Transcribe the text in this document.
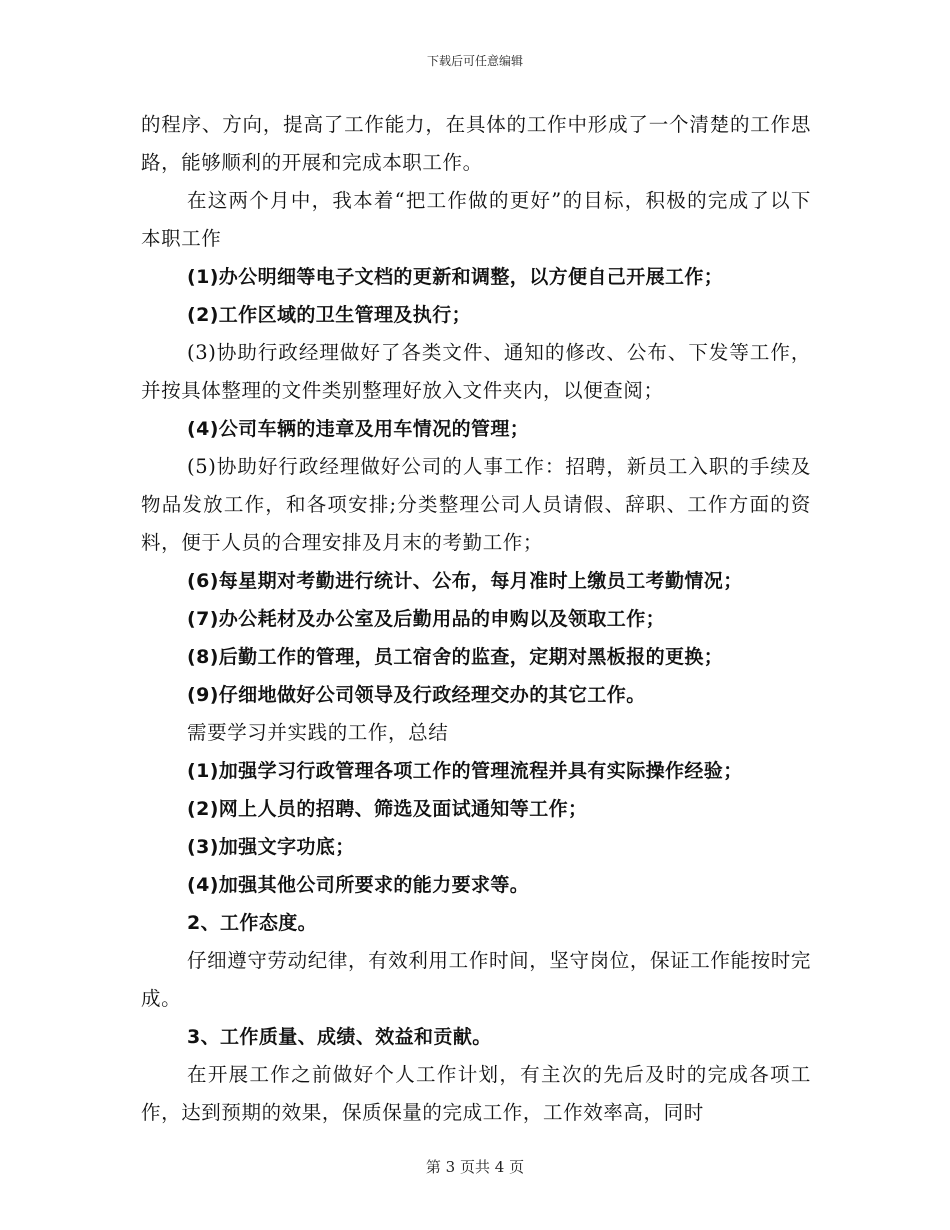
下载后可任意编辑

的程序、方向，提高了工作能力，在具体的工作中形成了一个清楚的工作思路，能够顺利的开展和完成本职工作。

在这两个月中，我本着“把工作做的更好”的目标，积极的完成了以下本职工作

(1)办公明细等电子文档的更新和调整，以方便自己开展工作；

(2)工作区域的卫生管理及执行；

(3)协助行政经理做好了各类文件、通知的修改、公布、下发等工作，并按具体整理的文件类别整理好放入文件夹内，以便查阅；

(4)公司车辆的违章及用车情况的管理；

(5)协助好行政经理做好公司的人事工作：招聘，新员工入职的手续及物品发放工作，和各项安排;分类整理公司人员请假、辞职、工作方面的资料，便于人员的合理安排及月末的考勤工作；

(6)每星期对考勤进行统计、公布，每月准时上缴员工考勤情况；

(7)办公耗材及办公室及后勤用品的申购以及领取工作；

(8)后勤工作的管理，员工宿舍的监查，定期对黑板报的更换；

(9)仔细地做好公司领导及行政经理交办的其它工作。

需要学习并实践的工作，总结

(1)加强学习行政管理各项工作的管理流程并具有实际操作经验；

(2)网上人员的招聘、筛选及面试通知等工作；

(3)加强文字功底；

(4)加强其他公司所要求的能力要求等。

2、工作态度。

仔细遵守劳动纪律，有效利用工作时间，坚守岗位，保证工作能按时完成。

3、工作质量、成绩、效益和贡献。

在开展工作之前做好个人工作计划，有主次的先后及时的完成各项工作，达到预期的效果，保质保量的完成工作，工作效率高，同时

第 3 页共 4 页
